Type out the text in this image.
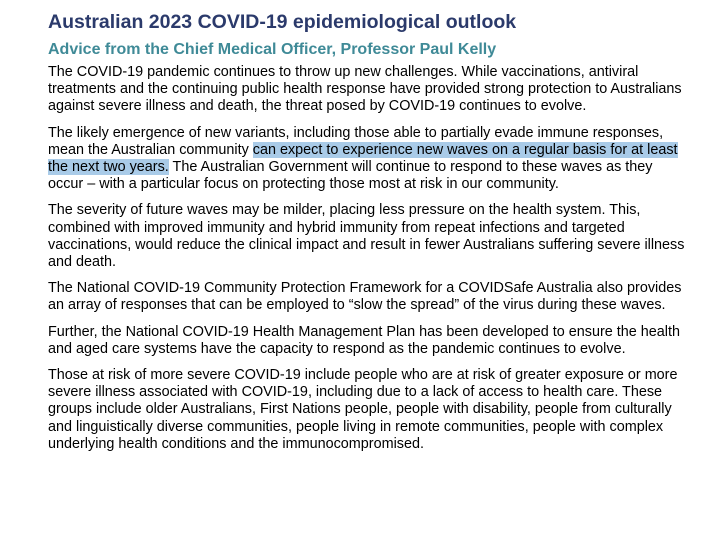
Australian 2023 COVID-19 epidemiological outlook
Advice from the Chief Medical Officer, Professor Paul Kelly

The COVID-19 pandemic continues to throw up new challenges. While vaccinations, antiviral treatments and the continuing public health response have provided strong protection to Australians against severe illness and death, the threat posed by COVID-19 continues to evolve.

The likely emergence of new variants, including those able to partially evade immune responses, mean the Australian community can expect to experience new waves on a regular basis for at least the next two years. The Australian Government will continue to respond to these waves as they occur – with a particular focus on protecting those most at risk in our community.

The severity of future waves may be milder, placing less pressure on the health system. This, combined with improved immunity and hybrid immunity from repeat infections and targeted vaccinations, would reduce the clinical impact and result in fewer Australians suffering severe illness and death.

The National COVID-19 Community Protection Framework for a COVIDSafe Australia also provides an array of responses that can be employed to “slow the spread” of the virus during these waves.

Further, the National COVID-19 Health Management Plan has been developed to ensure the health and aged care systems have the capacity to respond as the pandemic continues to evolve.

Those at risk of more severe COVID-19 include people who are at risk of greater exposure or more severe illness associated with COVID-19, including due to a lack of access to health care. These groups include older Australians, First Nations people, people with disability, people from culturally and linguistically diverse communities, people living in remote communities, people with complex underlying health conditions and the immunocompromised.
